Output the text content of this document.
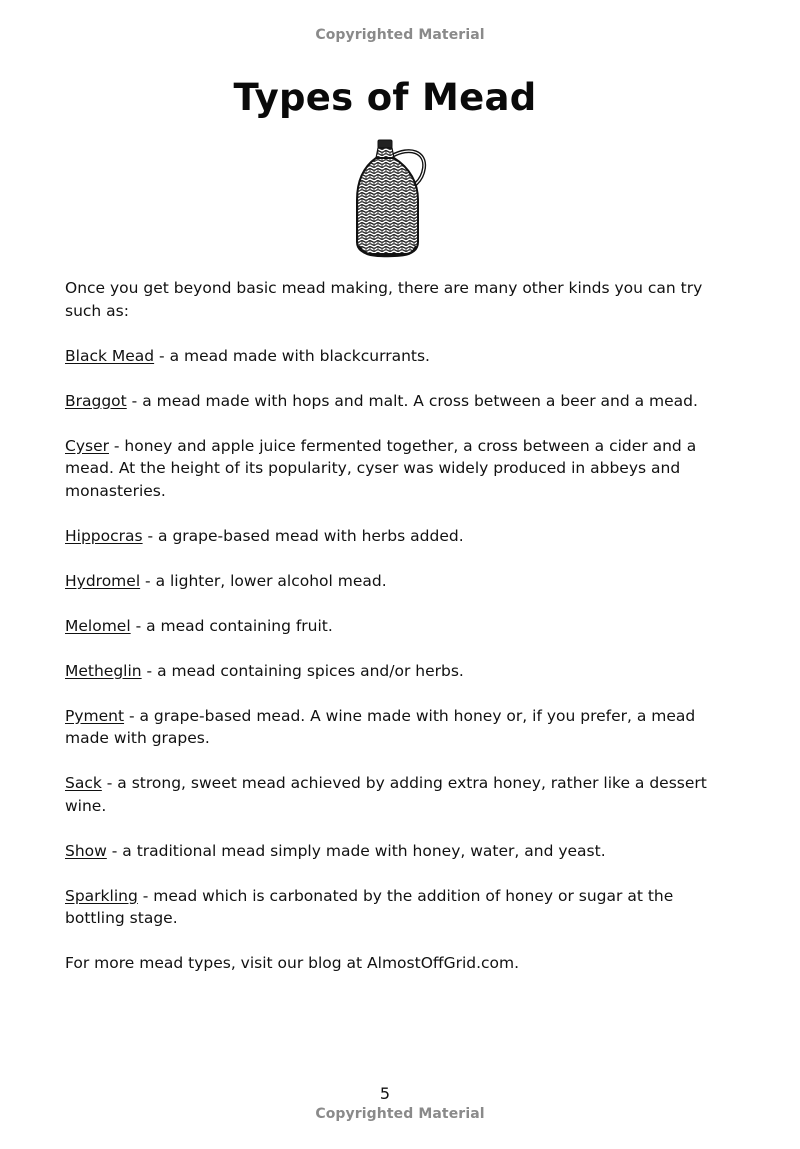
Copyrighted Material
Types of Mead

Once you get beyond basic mead making, there are many other kinds you can try such as:

Black Mead - a mead made with blackcurrants.

Braggot - a mead made with hops and malt. A cross between a beer and a mead.

Cyser - honey and apple juice fermented together, a cross between a cider and a mead. At the height of its popularity, cyser was widely produced in abbeys and monasteries.

Hippocras - a grape-based mead with herbs added.

Hydromel - a lighter, lower alcohol mead.

Melomel - a mead containing fruit.

Metheglin - a mead containing spices and/or herbs.

Pyment - a grape-based mead. A wine made with honey or, if you prefer, a mead made with grapes.

Sack - a strong, sweet mead achieved by adding extra honey, rather like a dessert wine.

Show - a traditional mead simply made with honey, water, and yeast.

Sparkling - mead which is carbonated by the addition of honey or sugar at the bottling stage.

For more mead types, visit our blog at AlmostOffGrid.com.

5
Copyrighted Material
